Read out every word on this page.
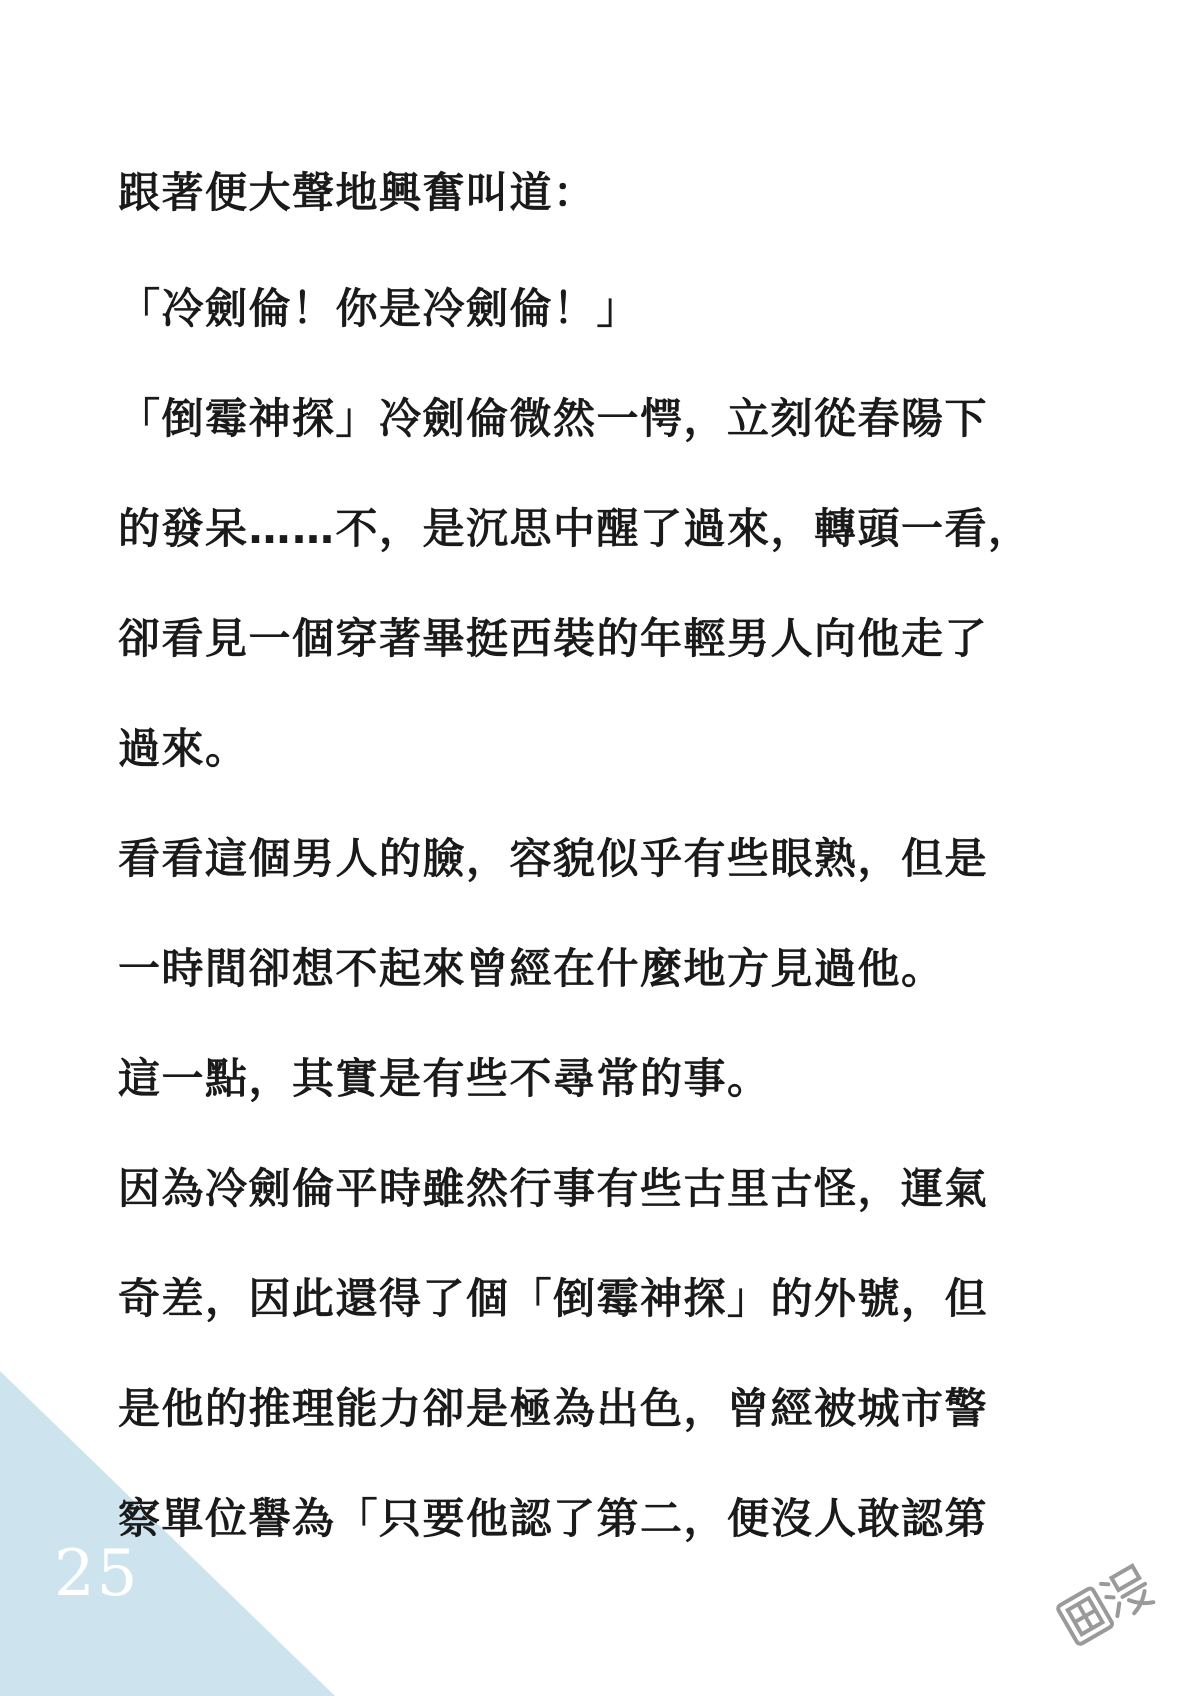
25
跟著便大聲地興奮叫道：
「冷劍倫！你是冷劍倫！」
「倒霉神探」冷劍倫微然一愕，立刻從春陽下
的發呆……不，是沉思中醒了過來，轉頭一看，
卻看見一個穿著畢挺西裝的年輕男人向他走了
過來。
看看這個男人的臉，容貌似乎有些眼熟，但是
一時間卻想不起來曾經在什麼地方見過他。
這一點，其實是有些不尋常的事。
因為冷劍倫平時雖然行事有些古里古怪，運氣
奇差，因此還得了個「倒霉神探」的外號，但
是他的推理能力卻是極為出色，曾經被城市警
察單位譽為「只要他認了第二，便沒人敢認第
